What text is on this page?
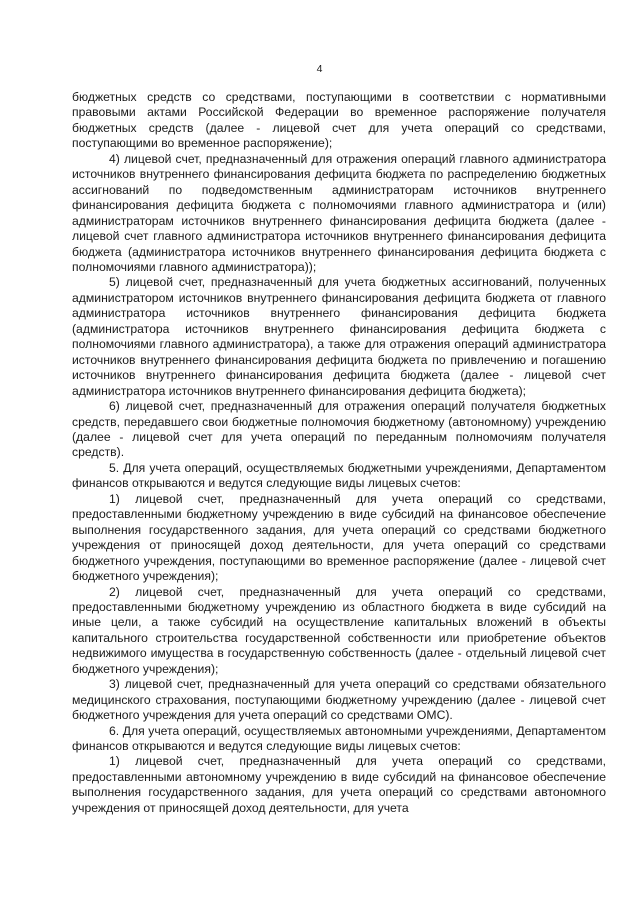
4

бюджетных средств со средствами, поступающими в соответствии с нормативными правовыми актами Российской Федерации во временное распоряжение получателя бюджетных средств (далее - лицевой счет для учета операций со средствами, поступающими во временное распоряжение);

4) лицевой счет, предназначенный для отражения операций главного администратора источников внутреннего финансирования дефицита бюджета по распределению бюджетных ассигнований по подведомственным администраторам источников внутреннего финансирования дефицита бюджета с полномочиями главного администратора и (или) администраторам источников внутреннего финансирования дефицита бюджета (далее - лицевой счет главного администратора источников внутреннего финансирования дефицита бюджета (администратора источников внутреннего финансирования дефицита бюджета с полномочиями главного администратора));

5) лицевой счет, предназначенный для учета бюджетных ассигнований, полученных администратором источников внутреннего финансирования дефицита бюджета от главного администратора источников внутреннего финансирования дефицита бюджета (администратора источников внутреннего финансирования дефицита бюджета с полномочиями главного администратора), а также для отражения операций администратора источников внутреннего финансирования дефицита бюджета по привлечению и погашению источников внутреннего финансирования дефицита бюджета (далее - лицевой счет администратора источников внутреннего финансирования дефицита бюджета);

6) лицевой счет, предназначенный для отражения операций получателя бюджетных средств, передавшего свои бюджетные полномочия бюджетному (автономному) учреждению (далее - лицевой счет для учета операций по переданным полномочиям получателя средств).

5. Для учета операций, осуществляемых бюджетными учреждениями, Департаментом финансов открываются и ведутся следующие виды лицевых счетов:

1) лицевой счет, предназначенный для учета операций со средствами, предоставленными бюджетному учреждению в виде субсидий на финансовое обеспечение выполнения государственного задания, для учета операций со средствами бюджетного учреждения от приносящей доход деятельности, для учета операций со средствами бюджетного учреждения, поступающими во временное распоряжение (далее - лицевой счет бюджетного учреждения);

2) лицевой счет, предназначенный для учета операций со средствами, предоставленными бюджетному учреждению из областного бюджета в виде субсидий на иные цели, а также субсидий на осуществление капитальных вложений в объекты капитального строительства государственной собственности или приобретение объектов недвижимого имущества в государственную собственность (далее - отдельный лицевой счет бюджетного учреждения);

3) лицевой счет, предназначенный для учета операций со средствами обязательного медицинского страхования, поступающими бюджетному учреждению (далее - лицевой счет бюджетного учреждения для учета операций со средствами ОМС).

6. Для учета операций, осуществляемых автономными учреждениями, Департаментом финансов открываются и ведутся следующие виды лицевых счетов:

1) лицевой счет, предназначенный для учета операций со средствами, предоставленными автономному учреждению в виде субсидий на финансовое обеспечение выполнения государственного задания, для учета операций со средствами автономного учреждения от приносящей доход деятельности, для учета
